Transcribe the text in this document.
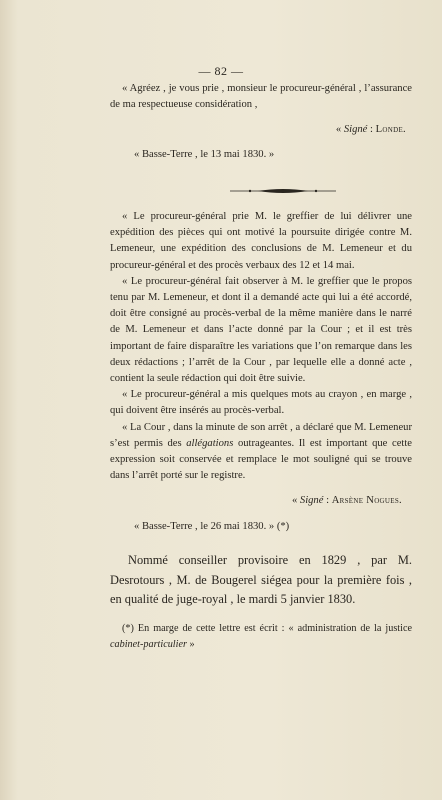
— 82 —

« Agréez , je vous prie , monsieur le procureur-général , l’assurance de ma respectueuse considération ,

« Signé : Londe.

« Basse-Terre , le 13 mai 1830. »

« Le procureur-général prie M. le greffier de lui délivrer une expédition des pièces qui ont motivé la poursuite dirigée contre M. Lemeneur, une expédition des conclusions de M. Lemeneur et du procureur-général et des procès verbaux des 12 et 14 mai.

« Le procureur-général fait observer à M. le greffier que le propos tenu par M. Lemeneur, et dont il a demandé acte qui lui a été accordé, doit être consigné au procès-verbal de la même manière dans le narré de M. Lemeneur et dans l’acte donné par la Cour ; et il est très important de faire disparaître les variations que l’on remarque dans les deux rédactions ; l’arrêt de la Cour , par lequelle elle a donné acte , contient la seule rédaction qui doit être suivie.

« Le procureur-général a mis quelques mots au crayon , en marge , qui doivent être insérés au procès-verbal.

« La Cour , dans la minute de son arrêt , a déclaré que M. Lemeneur s’est permis des allégations outrageantes. Il est important que cette expression soit conservée et remplace le mot souligné qui se trouve dans l’arrêt porté sur le registre.

« Signé : Arsène Nogues.

« Basse-Terre , le 26 mai 1830. » (*)

Nommé conseiller provisoire en 1829 , par M. Desrotours , M. de Bougerel siégea pour la première fois , en qualité de juge-royal , le mardi 5 janvier 1830.

(*) En marge de cette lettre est écrit : « administration de la justice cabinet-particulier »
